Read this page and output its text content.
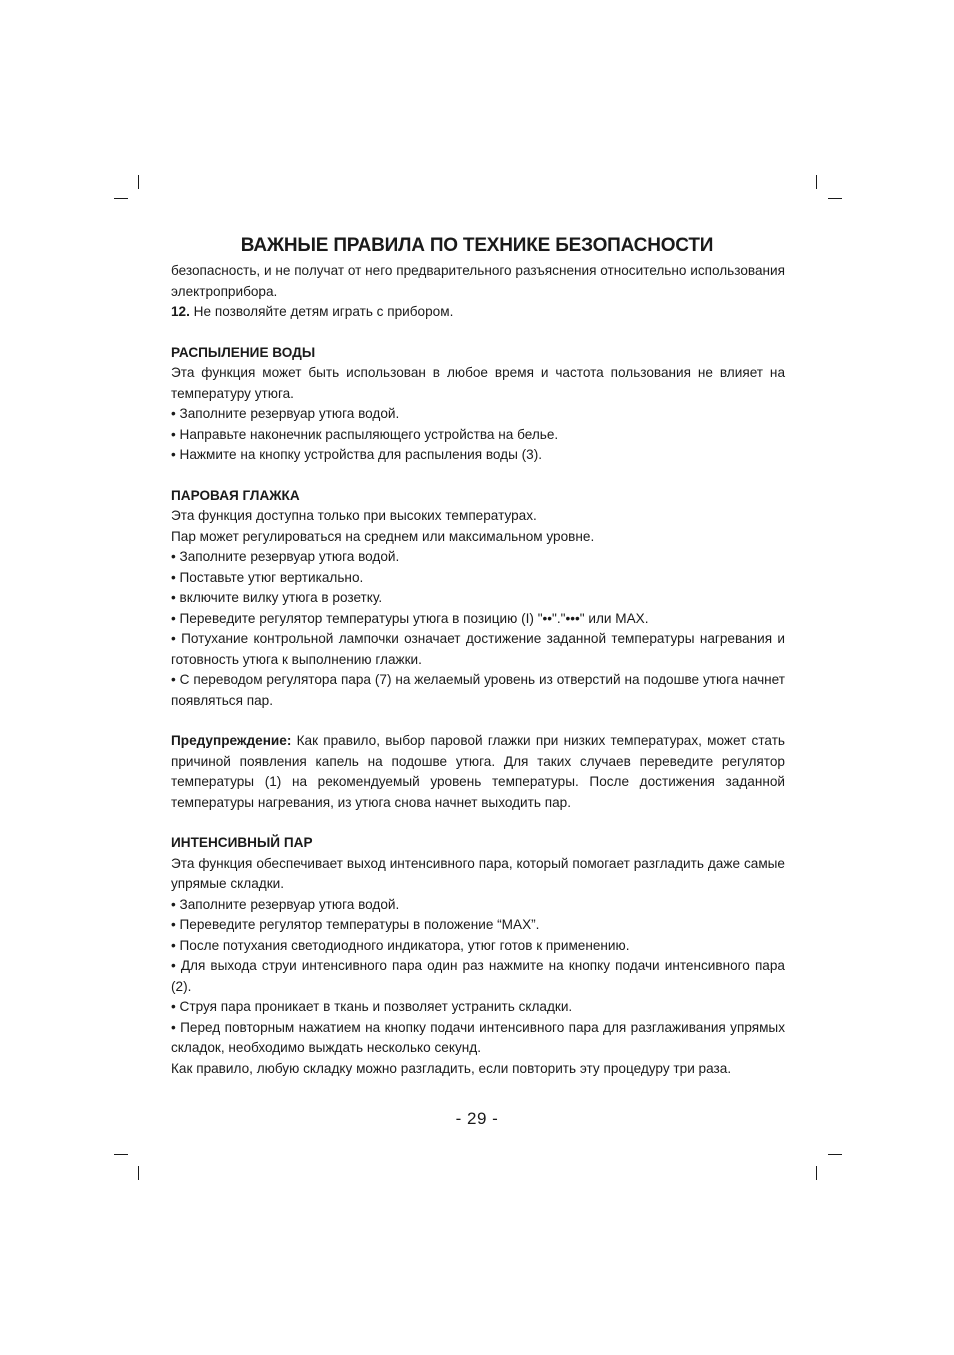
ВАЖНЫЕ ПРАВИЛА ПО ТЕХНИКЕ БЕЗОПАСНОСТИ

безопасность, и не получат от него предварительного разъяснения относительно использования электроприбора.

12. Не позволяйте детям играть с прибором.

РАСПЫЛЕНИЕ ВОДЫ

Эта функция может быть использован в любое время и частота пользования не влияет на температуру утюга.

• Заполните резервуар утюга водой.

• Направьте наконечник распыляющего устройства на белье.

• Нажмите на кнопку устройства для распыления воды (3).

ПАРОВАЯ ГЛАЖКА

Эта функция доступна только при высоких температурах.

Пар может регулироваться на среднем или максимальном уровне.

• Заполните резервуар утюга водой.

• Поставьте утюг вертикально.

• включите вилку утюга в розетку.

• Переведите регулятор температуры утюга в позицию (I) "••"."•••" или MAX.

• Потухание контрольной лампочки означает достижение заданной температуры нагревания и готовность утюга к выполнению глажки.

• С переводом регулятора пара (7) на желаемый уровень из отверстий на подошве утюга начнет появляться пар.

Предупреждение: Как правило, выбор паровой глажки при низких температурах, может стать причиной появления капель на подошве утюга. Для таких случаев переведите регулятор температуры (1) на рекомендуемый уровень температуры. После достижения заданной температуры нагревания, из утюга снова начнет выходить пар.

ИНТЕНСИВНЫЙ ПАР

Эта функция обеспечивает выход интенсивного пара, который помогает разгладить даже самые упрямые складки.

• Заполните резервуар утюга водой.

• Переведите регулятор температуры в положение “MAX”.

• После потухания светодиодного индикатора, утюг готов к применению.

• Для выхода струи интенсивного пара один раз нажмите на кнопку подачи интенсивного пара (2).

• Струя пара проникает в ткань и позволяет устранить складки.

• Перед повторным нажатием на кнопку подачи интенсивного пара для разглаживания упрямых складок, необходимо выждать несколько секунд.

Как правило, любую складку можно разгладить, если повторить эту процедуру три раза.

- 29 -
